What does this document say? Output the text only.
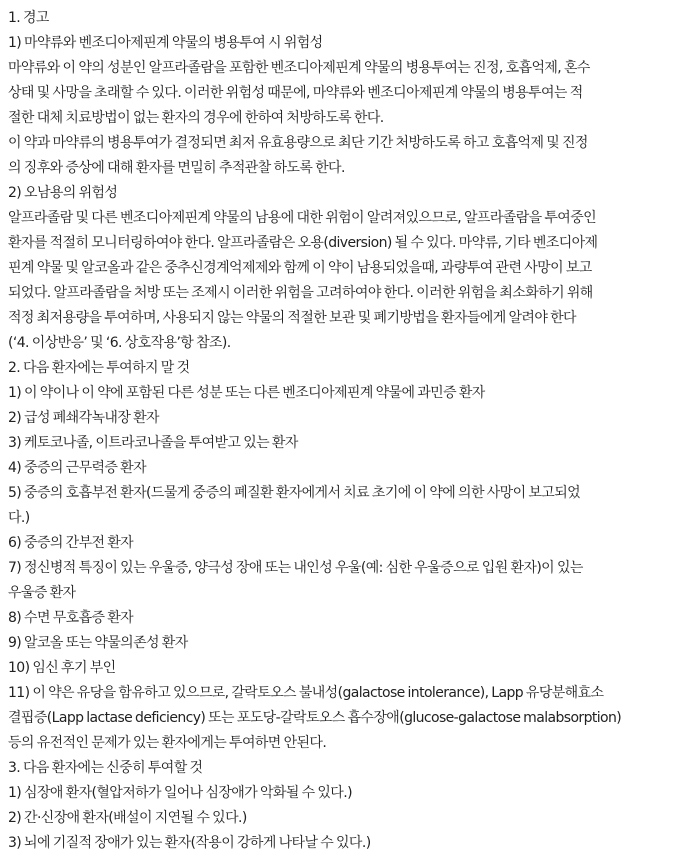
1. 경고
1) 마약류와 벤조디아제핀계 약물의 병용투여 시 위험성
마약류와 이 약의 성분인 알프라졸람을 포함한 벤조디아제핀계 약물의 병용투여는 진정, 호흡억제, 혼수
상태 및 사망을 초래할 수 있다. 이러한 위험성 때문에, 마약류와 벤조디아제핀계 약물의 병용투여는 적
절한 대체 치료방법이 없는 환자의 경우에 한하여 처방하도록 한다.
이 약과 마약류의 병용투여가 결정되면 최저 유효용량으로 최단 기간 처방하도록 하고 호흡억제 및 진정
의 징후와 증상에 대해 환자를 면밀히 추적관찰 하도록 한다.
2) 오남용의 위험성
알프라졸람 및 다른 벤조디아제핀계 약물의 남용에 대한 위험이 알려져있으므로, 알프라졸람을 투여중인
환자를 적절히 모니터링하여야 한다. 알프라졸람은 오용(diversion) 될 수 있다. 마약류, 기타 벤조디아제
핀계 약물 및 알코올과 같은 중추신경계억제제와 함께 이 약이 남용되었을때, 과량투여 관련 사망이 보고
되었다. 알프라졸람을 처방 또는 조제시 이러한 위험을 고려하여야 한다. 이러한 위험을 최소화하기 위해
적정 최저용량을 투여하며, 사용되지 않는 약물의 적절한 보관 및 폐기방법을 환자들에게 알려야 한다
(‘4. 이상반응’ 및 ‘6. 상호작용’항 참조).
2. 다음 환자에는 투여하지 말 것
1) 이 약이나 이 약에 포함된 다른 성분 또는 다른 벤조디아제핀계 약물에 과민증 환자
2) 급성 폐쇄각녹내장 환자
3) 케토코나졸, 이트라코나졸을 투여받고 있는 환자
4) 중증의 근무력증 환자
5) 중증의 호흡부전 환자(드물게 중증의 폐질환 환자에게서 치료 초기에 이 약에 의한 사망이 보고되었
다.)
6) 중증의 간부전 환자
7) 정신병적 특징이 있는 우울증, 양극성 장애 또는 내인성 우울(예: 심한 우울증으로 입원 환자)이 있는
우울증 환자
8) 수면 무호흡증 환자
9) 알코올 또는 약물의존성 환자
10) 임신 후기 부인
11) 이 약은 유당을 함유하고 있으므로, 갈락토오스 불내성(galactose intolerance), Lapp 유당분해효소
결핍증(Lapp lactase deficiency) 또는 포도당-갈락토오스 흡수장애(glucose-galactose malabsorption)
등의 유전적인 문제가 있는 환자에게는 투여하면 안된다.
3. 다음 환자에는 신중히 투여할 것
1) 심장애 환자(혈압저하가 일어나 심장애가 악화될 수 있다.)
2) 간·신장애 환자(배설이 지연될 수 있다.)
3) 뇌에 기질적 장애가 있는 환자(작용이 강하게 나타날 수 있다.)
